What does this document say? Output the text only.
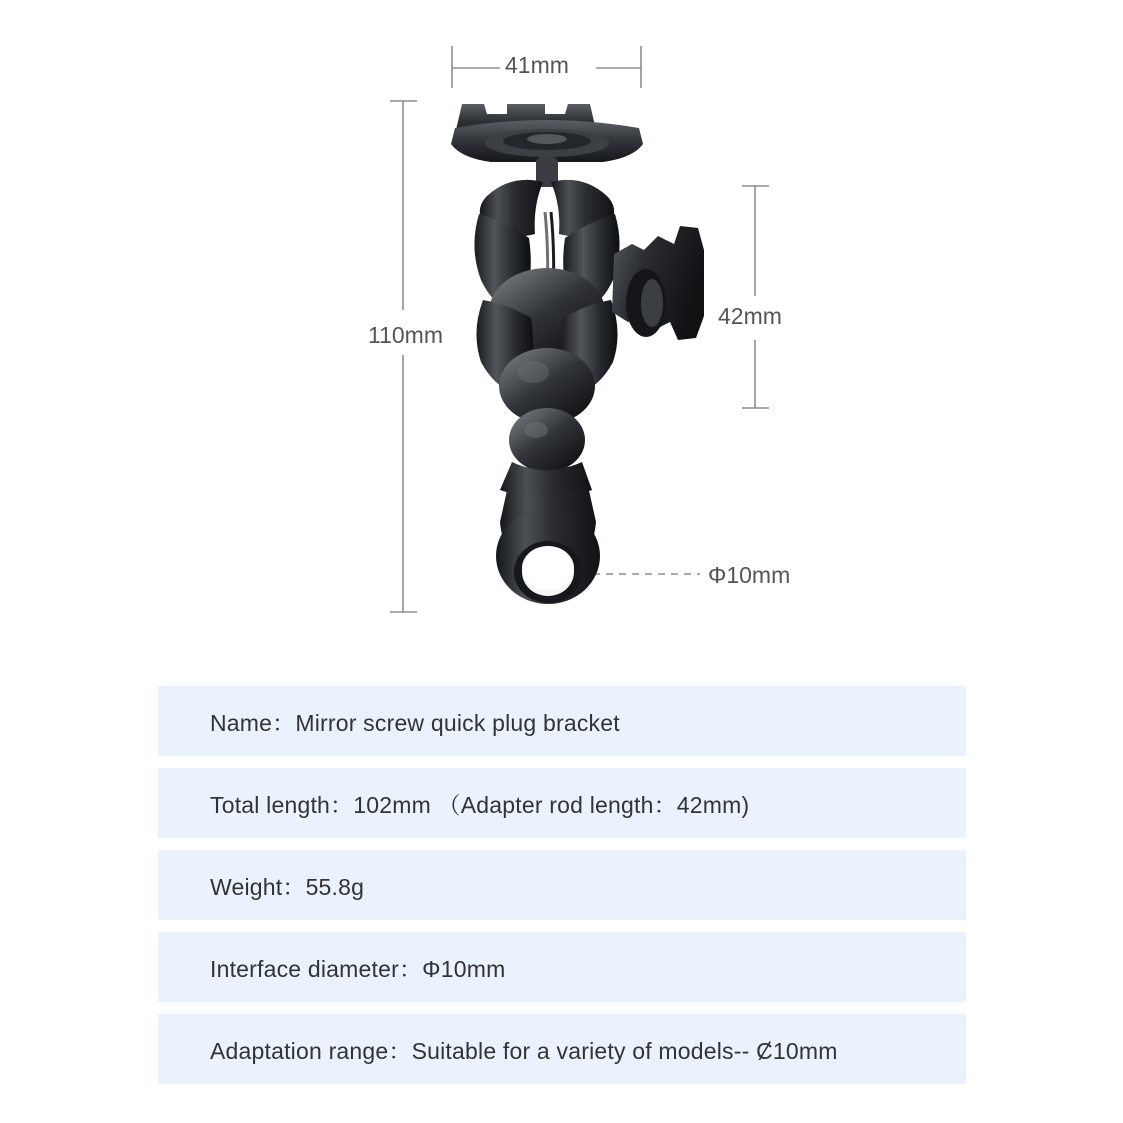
41mm
110mm
42mm
Φ10mm
Name：Mirror screw quick plug bracket
Total length：102mm （Adapter rod length：42mm)
Weight：55.8g
Interface diameter：Φ10mm
Adaptation range：Suitable for a variety of models-- Ȼ10mm
